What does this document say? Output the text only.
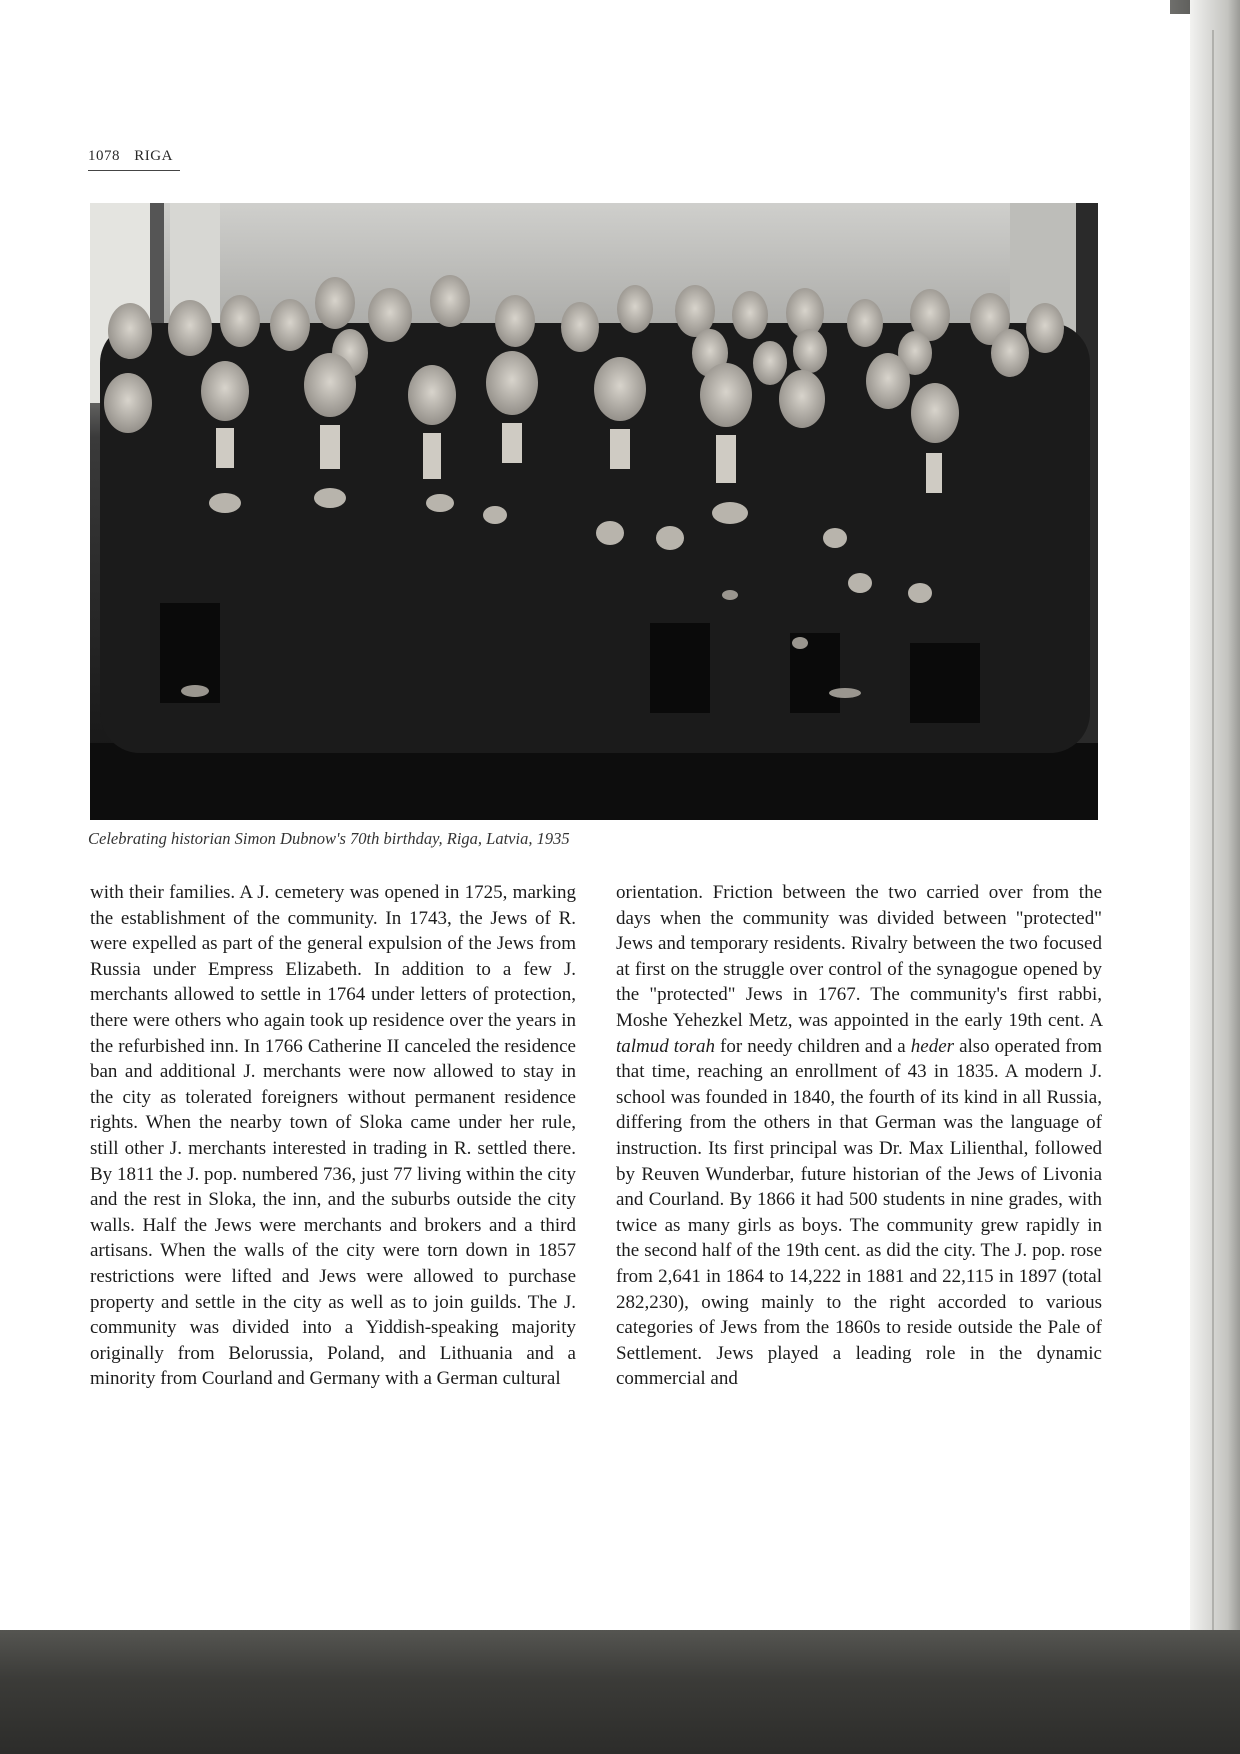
1078 RIGA
Celebrating historian Simon Dubnow's 70th birthday, Riga, Latvia, 1935

with their families. A J. cemetery was opened in 1725, marking the establishment of the community. In 1743, the Jews of R. were expelled as part of the general expulsion of the Jews from Russia under Empress Elizabeth. In addition to a few J. merchants allowed to settle in 1764 under letters of protection, there were others who again took up residence over the years in the refurbished inn. In 1766 Catherine II canceled the residence ban and additional J. merchants were now allowed to stay in the city as tolerated foreigners without permanent residence rights. When the nearby town of Sloka came under her rule, still other J. merchants interested in trading in R. settled there. By 1811 the J. pop. numbered 736, just 77 living within the city and the rest in Sloka, the inn, and the suburbs outside the city walls. Half the Jews were merchants and brokers and a third artisans. When the walls of the city were torn down in 1857 restrictions were lifted and Jews were allowed to purchase property and settle in the city as well as to join guilds. The J. community was divided into a Yiddish-speaking majority originally from Belorussia, Poland, and Lithuania and a minority from Courland and Germany with a German cultural

orientation. Friction between the two carried over from the days when the community was divided between "protected" Jews and temporary residents. Rivalry between the two focused at first on the struggle over control of the synagogue opened by the "protected" Jews in 1767. The community's first rabbi, Moshe Yehezkel Metz, was appointed in the early 19th cent. A talmud torah for needy children and a heder also operated from that time, reaching an enrollment of 43 in 1835. A modern J. school was founded in 1840, the fourth of its kind in all Russia, differing from the others in that German was the language of instruction. Its first principal was Dr. Max Lilienthal, followed by Reuven Wunderbar, future historian of the Jews of Livonia and Courland. By 1866 it had 500 students in nine grades, with twice as many girls as boys. The community grew rapidly in the second half of the 19th cent. as did the city. The J. pop. rose from 2,641 in 1864 to 14,222 in 1881 and 22,115 in 1897 (total 282,230), owing mainly to the right accorded to various categories of Jews from the 1860s to reside outside the Pale of Settlement. Jews played a leading role in the dynamic commercial and
